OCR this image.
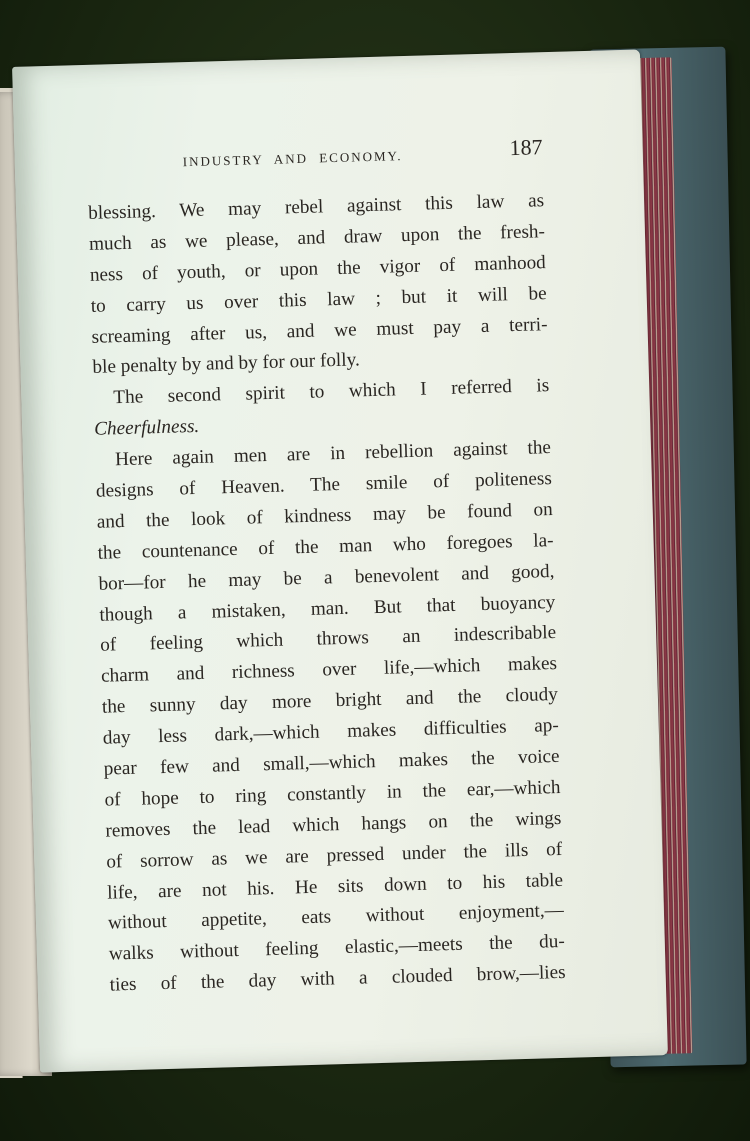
INDUSTRY AND ECONOMY.	187
blessing. We may rebel against this law as
much as we please, and draw upon the fresh-
ness of youth, or upon the vigor of manhood
to carry us over this law ; but it will be
screaming after us, and we must pay a terri-
ble penalty by and by for our folly.
The second spirit to which I referred is
Cheerfulness.
Here again men are in rebellion against the
designs of Heaven. The smile of politeness
and the look of kindness may be found on
the countenance of the man who foregoes la-
bor—for he may be a benevolent and good,
though a mistaken, man. But that buoyancy
of feeling which throws an indescribable
charm and richness over life,—which makes
the sunny day more bright and the cloudy
day less dark,—which makes difficulties ap-
pear few and small,—which makes the voice
of hope to ring constantly in the ear,—which
removes the lead which hangs on the wings
of sorrow as we are pressed under the ills of
life, are not his. He sits down to his table
without appetite, eats without enjoyment,—
walks without feeling elastic,—meets the du-
ties of the day with a clouded brow,—lies
